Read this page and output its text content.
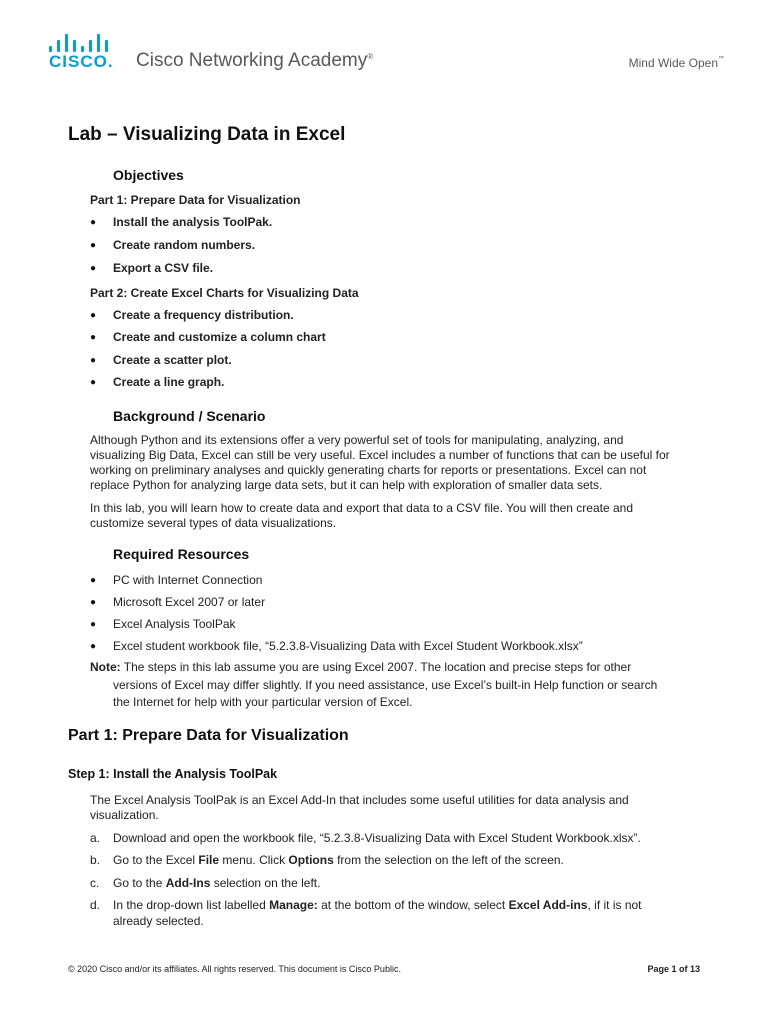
CISCO. Cisco Networking Academy®	Mind Wide Open™
Lab – Visualizing Data in Excel
Objectives
Part 1: Prepare Data for Visualization
● Install the analysis ToolPak.
● Create random numbers.
● Export a CSV file.
Part 2: Create Excel Charts for Visualizing Data
● Create a frequency distribution.
● Create and customize a column chart
● Create a scatter plot.
● Create a line graph.
Background / Scenario
Although Python and its extensions offer a very powerful set of tools for manipulating, analyzing, and
visualizing Big Data, Excel can still be very useful. Excel includes a number of functions that can be useful for
working on preliminary analyses and quickly generating charts for reports or presentations. Excel can not
replace Python for analyzing large data sets, but it can help with exploration of smaller data sets.
In this lab, you will learn how to create data and export that data to a CSV file. You will then create and
customize several types of data visualizations.
Required Resources
● PC with Internet Connection
● Microsoft Excel 2007 or later
● Excel Analysis ToolPak
● Excel student workbook file, “5.2.3.8-Visualizing Data with Excel Student Workbook.xlsx”
Note: The steps in this lab assume you are using Excel 2007. The location and precise steps for other
versions of Excel may differ slightly. If you need assistance, use Excel’s built-in Help function or search
the Internet for help with your particular version of Excel.
Part 1: Prepare Data for Visualization
Step 1: Install the Analysis ToolPak
The Excel Analysis ToolPak is an Excel Add-In that includes some useful utilities for data analysis and
visualization.
a. Download and open the workbook file, “5.2.3.8-Visualizing Data with Excel Student Workbook.xlsx”.
b. Go to the Excel File menu. Click Options from the selection on the left of the screen.
c. Go to the Add-Ins selection on the left.
d. In the drop-down list labelled Manage: at the bottom of the window, select Excel Add-ins, if it is not
already selected.
© 2020 Cisco and/or its affiliates. All rights reserved. This document is Cisco Public.	Page 1 of 13
